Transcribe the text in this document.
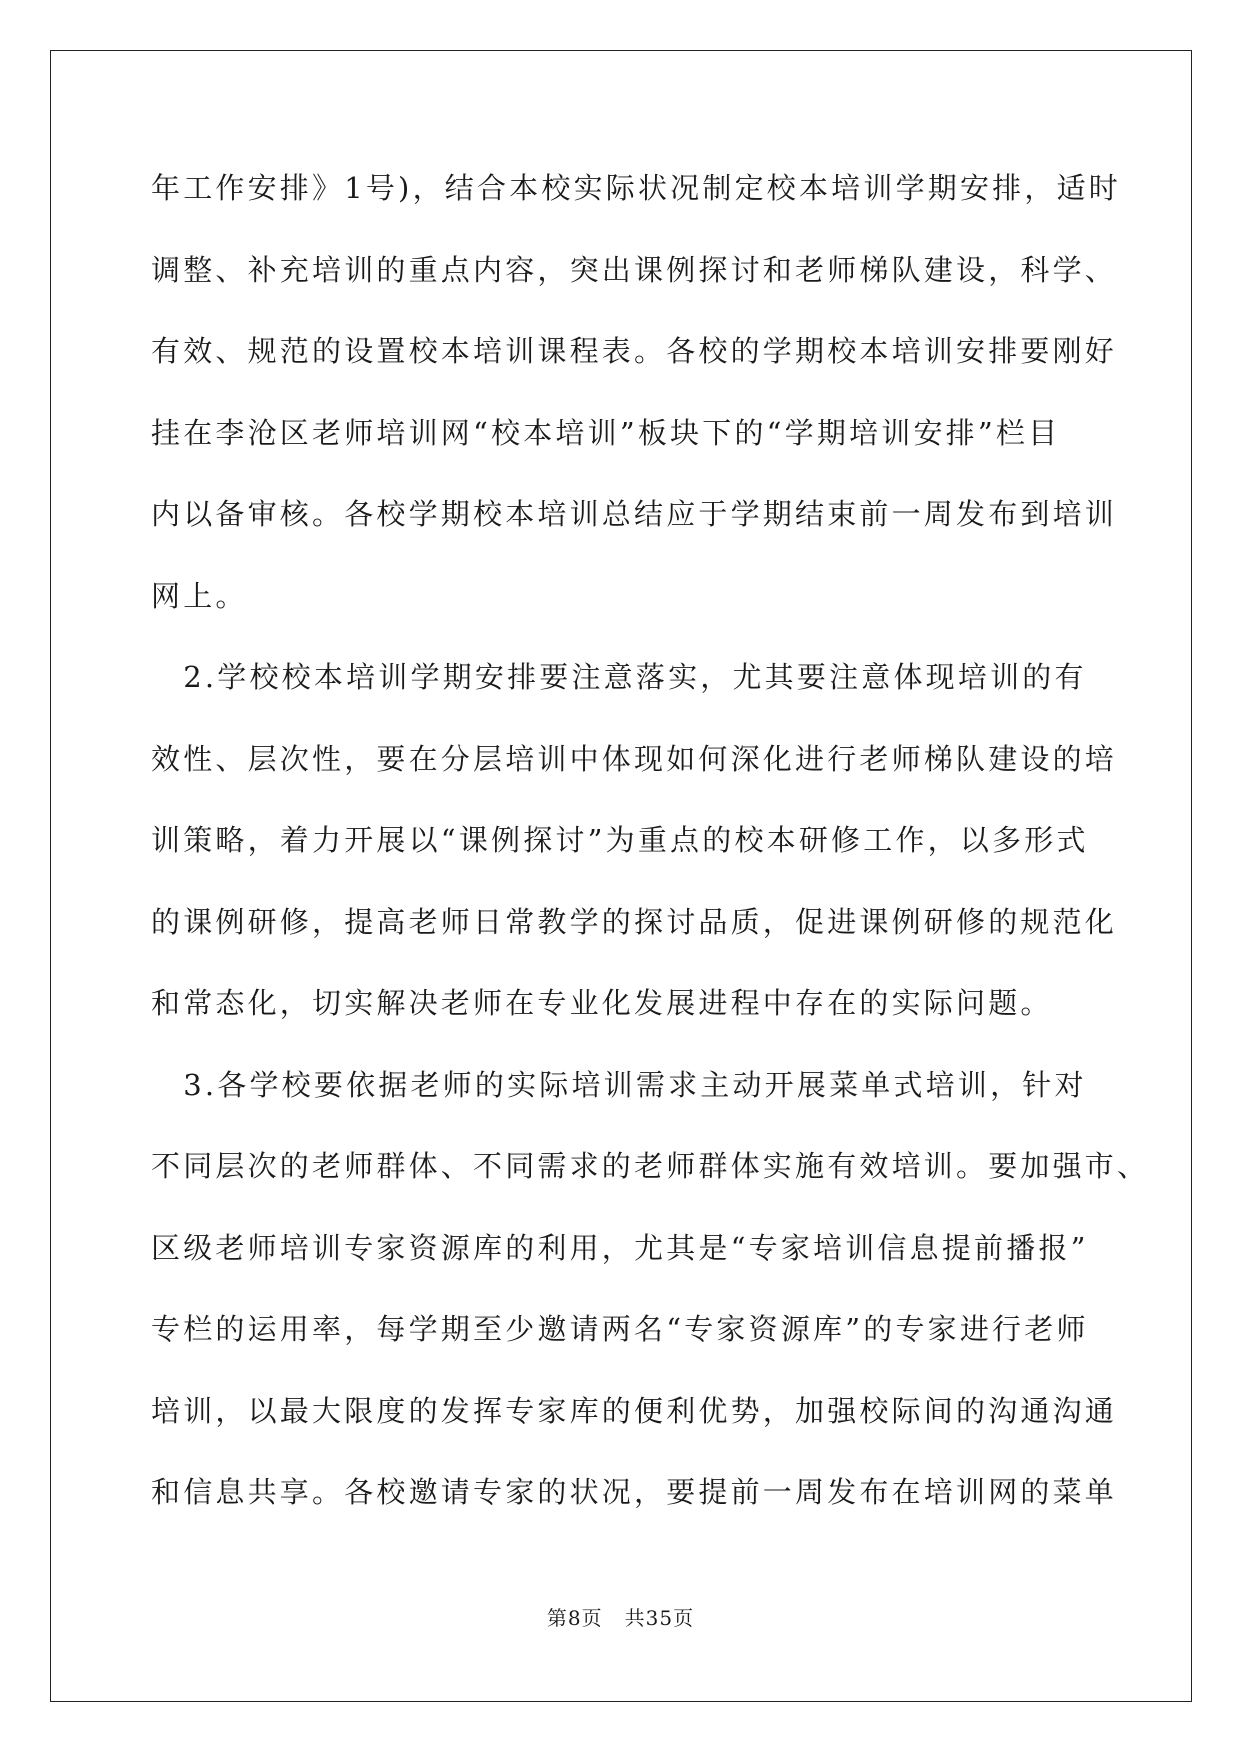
年工作安排》1号)，结合本校实际状况制定校本培训学期安排，适时
调整、补充培训的重点内容，突出课例探讨和老师梯队建设，科学、
有效、规范的设置校本培训课程表。各校的学期校本培训安排要刚好
挂在李沧区老师培训网“校本培训”板块下的“学期培训安排”栏目
内以备审核。各校学期校本培训总结应于学期结束前一周发布到培训
网上。
　2.学校校本培训学期安排要注意落实，尤其要注意体现培训的有
效性、层次性，要在分层培训中体现如何深化进行老师梯队建设的培
训策略，着力开展以“课例探讨”为重点的校本研修工作，以多形式
的课例研修，提高老师日常教学的探讨品质，促进课例研修的规范化
和常态化，切实解决老师在专业化发展进程中存在的实际问题。
　3.各学校要依据老师的实际培训需求主动开展菜单式培训，针对
不同层次的老师群体、不同需求的老师群体实施有效培训。要加强市、
区级老师培训专家资源库的利用，尤其是“专家培训信息提前播报”
专栏的运用率，每学期至少邀请两名“专家资源库”的专家进行老师
培训，以最大限度的发挥专家库的便利优势，加强校际间的沟通沟通
和信息共享。各校邀请专家的状况，要提前一周发布在培训网的菜单
第8页 共35页
